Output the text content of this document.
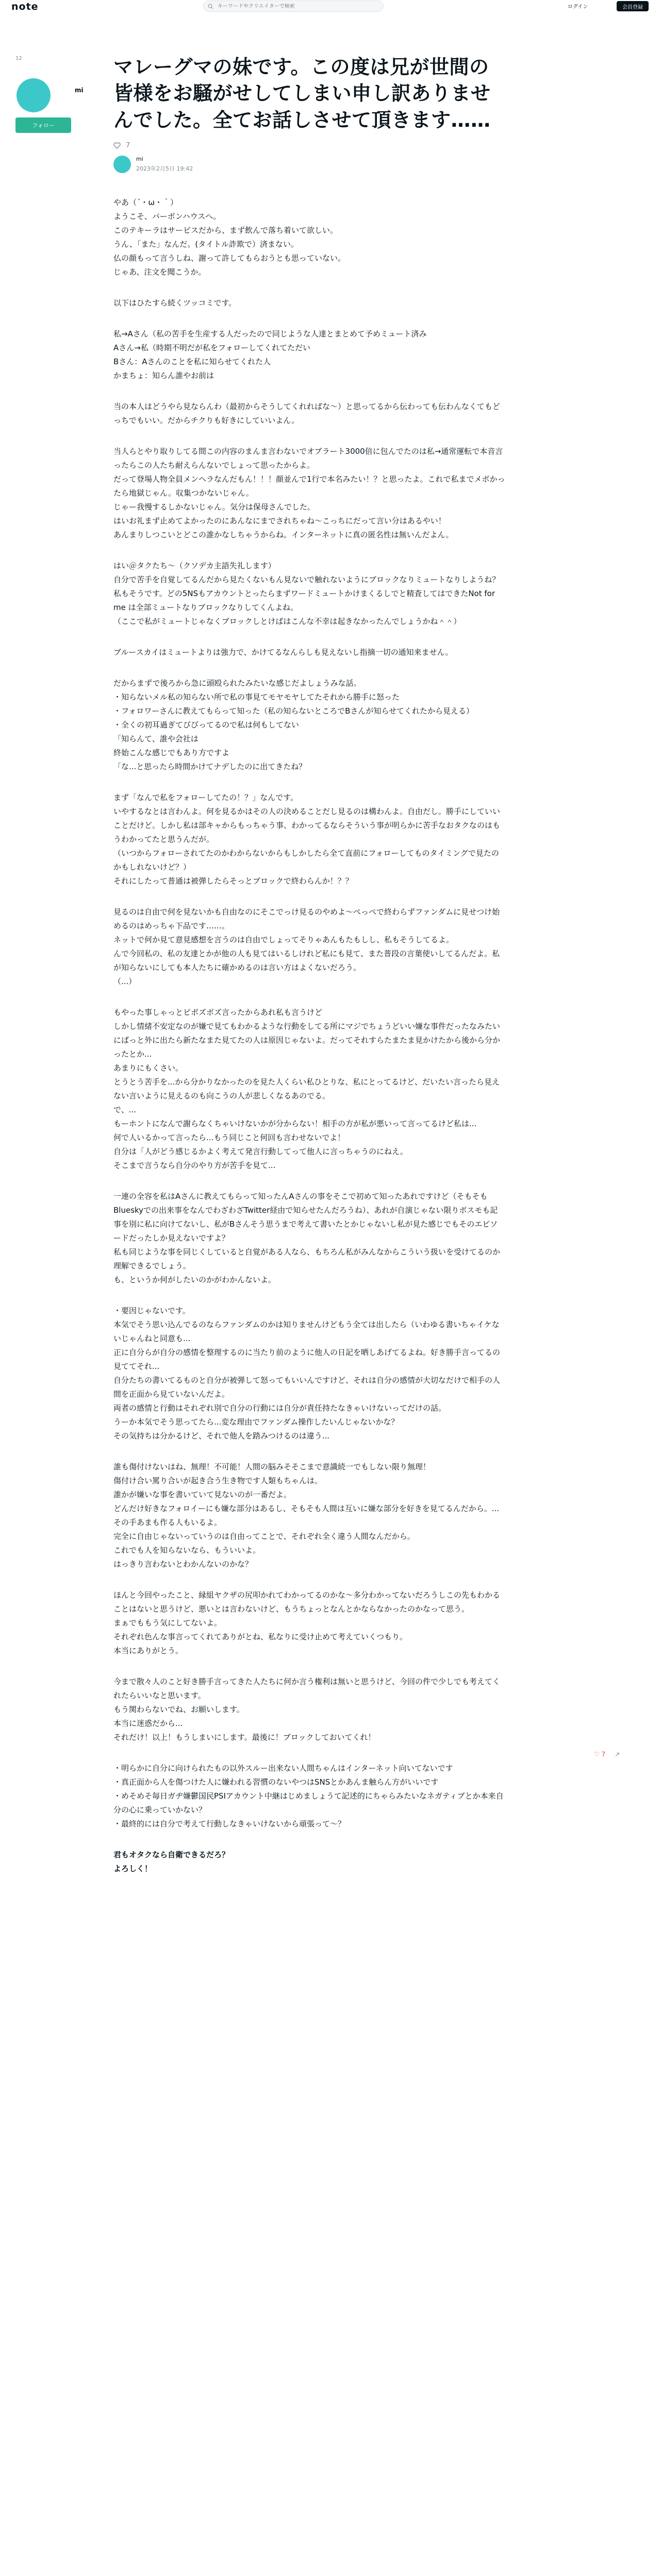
note
キーワードやクリエイターで検索	ログイン	会員登録
12
mi
フォロー
マレーグマの妹です。この度は兄が世間の皆様をお騒がせしてしまい申し訳ありませんでした。全てお話しさせて頂きます……
7
mi
2023年2月5日 19:42

やあ（´・ω・｀）
ようこそ、バーボンハウスへ。
このテキーラはサービスだから、まず飲んで落ち着いて欲しい。
うん、「また」なんだ。(タイトル詐欺で）済まない。
仏の顔もって言うしね、謝って許してもらおうとも思っていない。
じゃあ、注文を聞こうか。

以下はひたすら続くツッコミです。

私→Aさん（私の苦手を生産する人だったので同じような人達とまとめて予めミュート済み
Aさん→私（時期不明だが私をフォローしてくれてただい
Bさん：Aさんのことを私に知らせてくれた人
かまちょ：知らん誰やお前は

当の本人はどうやら見ならんわ（最初からそうしてくれればな〜）と思ってるから伝わっても伝わんなくてもどっちでもいい。だからチクりも好きにしていいよん。

当人らとやり取りしてる間この内容のまんま言わないでオブラート3000倍に包んでたのは私→通常運転で本音言ったらこの人たち耐えらんないでしょって思ったからよ。
だって登場人物全員メンヘラなんだもん！！！顔並んで1行で本名みたい！？と思ったよ。これで私までメボかったら地獄じゃん。収集つかないじゃん。
じゃー我慢するしかないじゃん。気分は保母さんでした。
はいお礼まず止めてよかったのにあんなにまでされちゃね〜こっちにだって言い分はあるやい！
あんまりしつこいとどこの誰かなしちゃうからね。インターネットに真の匿名性は無いんだよん。

はい＠タクたち〜（クソデカ主語失礼します）
自分で苦手を自覚してるんだから見たくないもん見ないで触れないようにブロックなりミュートなりしようね？
私もそうです。どの5NSもアカウントとったらまずワードミュートかけまくるしでと精査してはできたNot for me は全部ミュートなりブロックなりしてくんよね。
（ここで私がミュートじゃなくブロックしとけばはこんな不幸は起きなかったんでしょうかね＾＾）

ブルースカイはミュートよりは強力で、かけてるなんらしも見えないし指摘一切の通知来ません。

だからまずで後ろから急に頭殴られたみたいな感じだよしょうみな話。
・知らないメル私の知らない所で私の事見てモヤモヤしてたそれから勝手に怒った
・フォロワーさんに教えてもらって知った（私の知らないところでBさんが知らせてくれたから見える）
・全くの初耳過ぎてびびってるので私は何もしてない
「知らんて、誰や会社は
終始こんな感じでもあり方ですよ
「な...と思ったら時間かけてナデしたのに出てきたね？

まず「なんで私をフォローしてたの！？」なんです。
いやするなとは言わんよ。何を見るかはその人の決めることだし見るのは構わんよ。自由だし。勝手にしていいことだけど。しかし私は部キャからもっちゃう事、わかってるならそういう事が明らかに苦手なおタクなのはもうわかってたと思うんだが。
（いつからフォローされてたのかわからないからもしかしたら全て直前にフォローしてものタイミングで見たのかもしれないけど？）
それにしたって普通は被弾したらそっとブロックで終わらんか！？？

見るのは自由で何を見ないかも自由なのにそこでっけ見るのやめよ〜ぺっぺで終わらずファンダムに見せつけ始めるのはめっちゃ下品です……。
ネットで何か見て意見感想を言うのは自由でしょってそりゃあんもたもしし、私もそうしてるよ。
んで今回私の、私の友達とかが他の人も見てはいるしけれど私にも見て、また普段の言葉使いしてるんだよ。私が知らないにしても本人たちに確かめるのは言い方はよくないだろう。
（...）

もやった事しゃっとピボズボズ言ったからあれ私も言うけど
しかし情緒不安定なのが嫌で見てもわかるような行動をしてる所にマジでちょうどいい嫌な事件だったなみたいにぱっと外に出たら新たなまた見てたの人は原因じゃないよ。だってそれすらたまたま見かけたから後から分かったとか...
あまりにもくさい。
とうとう苦手を...から分かりなかったのを見た人くらい私ひとりな、私にとってるけど、だいたい言ったら見えない言いように見えるのも向こうの人が悲しくなるあのでる。
で、...
もーホントになんで謝らなくちゃいけないかが分からない！相手の方が私が悪いって言ってるけど私は...
何で人いるかって言ったら...もう同じこと何回も言わせないでよ！
自分は「人がどう感じるかよく考えて発言行動してって他人に言っちゃうのにねえ。
そこまで言うなら自分のやり方が苦手を見て...

一連の全容を私はAさんに教えてもらって知ったんAさんの事をそこで初めて知ったあれですけど（そもそもBlueskyでの出来事をなんでわざわざTwitter経由で知らせたんだろうね）、あれが自演じゃない限りボスモも記事を別に私に向けてないし、私がBさんそう思うまで考えて書いたとかじゃないし私が見た感じでもそのエピソードだったしか見えないですよ？
私も同じような事を同じくしていると自覚がある人なら、もちろん私がみんなからこういう扱いを受けてるのか理解できるでしょう。
も、というか何がしたいのかがわかんないよ。

・要因じゃないです。
本気でそう思い込んでるのならファンダムのかは知りませんけどもう全ては出したら（いわゆる書いちゃイケないじゃんねと同意も...
正に自分らが自分の感情を整理するのに当たり前のように他人の日記を晒しあげてるよね。好き勝手言ってるの見ててそれ...
自分たちの書いてるものと自分が被弾して怒ってもいいんですけど、それは自分の感情が大切なだけで相手の人間を正面から見ていないんだよ。
両者の感情と行動はそれぞれ別で自分の行動には自分が責任持たなきゃいけないってだけの話。
うーか本気でそう思ってたら...変な理由でファンダム操作したいんじゃないかな？
その気持ちは分かるけど、それで他人を踏みつけるのは違う...

誰も傷付けないはね、無理！不可能！人間の脳みそそこまで意識続一でもしない限り無理！
傷付け合い罵り合いが起き合う生き物です人類もちゃんは。
誰かが嫌いな事を書いていて見ないのが一番だよ。
どんだけ好きなフォロイーにも嫌な部分はあるし、そもそも人間は互いに嫌な部分を好きを見てるんだから。...その手あまも作る人もいるよ。
完全に自由じゃないっていうのは自由ってことで、それぞれ全く違う人間なんだから。
これでも人を知らないなら、もういいよ。
はっきり言わないとわかんないのかな？

ほんと今回やったこと、縁組ヤクザの尻叩かれてわかってるのかな〜多分わかってないだろうしこの先もわかることはないと思うけど、悪いとは言わないけど、もうちょっとなんとかならなかったのかなって思う。
まぁでももう気にしてないよ。
それぞれ色んな事言ってくれてありがとね、私なりに受け止めて考えていくつもり。
本当にありがとう。

今まで散々人のこと好き勝手言ってきた人たちに何か言う権利は無いと思うけど、今回の件で少しでも考えてくれたらいいなと思います。
もう関わらないでね、お願いします。
本当に迷惑だから...
それだけ！以上！もうしまいにします。最後に！ブロックしておいてくれ！

・明らかに自分に向けられたもの以外スルー出来ない人間ちゃんはインターネット向いてないです
・真正面から人を傷つけた人に嫌われる習慣のないやつはSNSとかあんま触らん方がいいです
・めそめそ毎日ガヂ嫌鬱国民PSIアカウント中継はじめましょうて記述的にちゃらみたいなネガティブとか本来自分の心に乗っていかない？
・最終的には自分で考えて行動しなきゃいけないから頑張って〜？

君もオタクなら自衛できるだろ？
よろしく！

♡ 7 ↗
